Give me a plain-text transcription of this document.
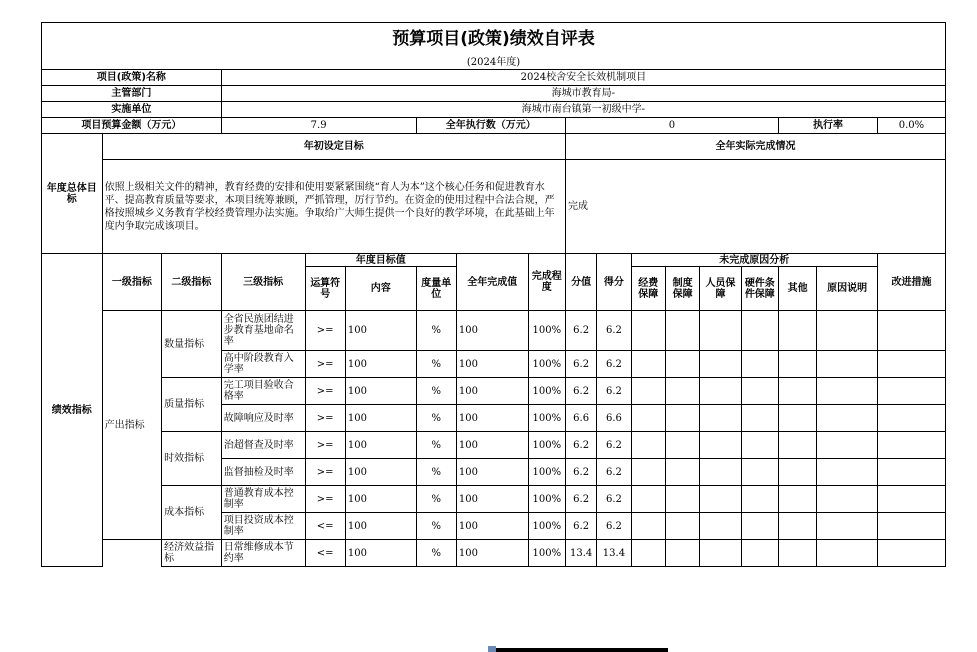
预算项目(政策)绩效自评表																	
(2024年度)																	
项目(政策)名称			2024校舍安全长效机制项目														
主管部门			海城市教育局-														
实施单位			海城市南台镇第一初级中学-														
项目预算金额（万元）			7.9			全年执行数（万元）			0						执行率		0.0%
年度总体目标	年初设定目标								全年实际完成情况								
	依照上级相关文件的精神，教育经费的安排和使用要紧紧围绕“育人为本”这个核心任务和促进教育水平、提高教育质量等要求，本项目统筹兼顾，严抓管理，厉行节约。在资金的使用过程中合法合规，严格按照城乡义务教育学校经费管理办法实施。争取给广大师生提供一个良好的教学环境，在此基础上年度内争取完成该项目。								完成								
绩效指标	一级指标	二级指标	三级指标	年度目标值			全年完成值	完成程度	分值	得分	未完成原因分析						改进措施
				运算符号	内容	度量单位					经费保障	制度保障	人员保障	硬件条件保障	其他	原因说明	
	产出指标	数量指标	全省民族团结进步教育基地命名率	>=	100	%	100	100%	6.2	6.2							
			高中阶段教育入学率	>=	100	%	100	100%	6.2	6.2							
		质量指标	完工项目验收合格率	>=	100	%	100	100%	6.2	6.2							
			故障响应及时率	>=	100	%	100	100%	6.6	6.6							
		时效指标	治超督查及时率	>=	100	%	100	100%	6.2	6.2							
			监督抽检及时率	>=	100	%	100	100%	6.2	6.2							
		成本指标	普通教育成本控制率	>=	100	%	100	100%	6.2	6.2							
			项目投资成本控制率	<=	100	%	100	100%	6.2	6.2							
		经济效益指标	日常维修成本节约率	<=	100	%	100	100%	13.4	13.4							
